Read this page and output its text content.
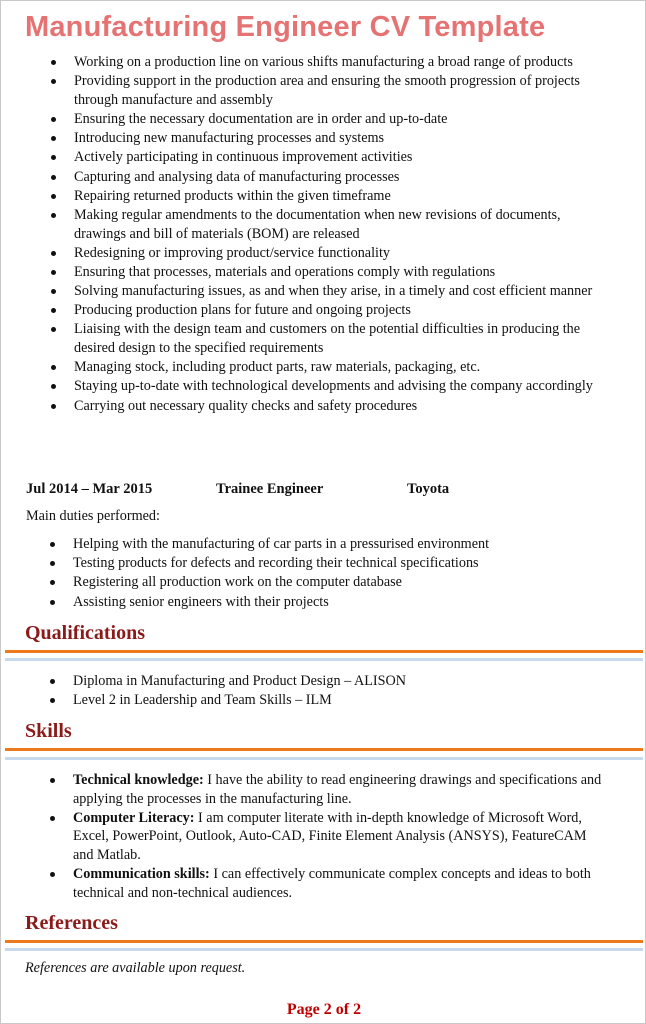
Manufacturing Engineer CV Template
Working on a production line on various shifts manufacturing a broad range of products
Providing support in the production area and ensuring the smooth progression of projects through manufacture and assembly
Ensuring the necessary documentation are in order and up-to-date
Introducing new manufacturing processes and systems
Actively participating in continuous improvement activities
Capturing and analysing data of manufacturing processes
Repairing returned products within the given timeframe
Making regular amendments to the documentation when new revisions of documents, drawings and bill of materials (BOM) are released
Redesigning or improving product/service functionality
Ensuring that processes, materials and operations comply with regulations
Solving manufacturing issues, as and when they arise, in a timely and cost efficient manner
Producing production plans for future and ongoing projects
Liaising with the design team and customers on the potential difficulties in producing the desired design to the specified requirements
Managing stock, including product parts, raw materials, packaging, etc.
Staying up-to-date with technological developments and advising the company accordingly
Carrying out necessary quality checks and safety procedures
Jul 2014 – Mar 2015	Trainee Engineer	Toyota
Main duties performed:
Helping with the manufacturing of car parts in a pressurised environment
Testing products for defects and recording their technical specifications
Registering all production work on the computer database
Assisting senior engineers with their projects
Qualifications
Diploma in Manufacturing and Product Design – ALISON
Level 2 in Leadership and Team Skills – ILM
Skills
Technical knowledge: I have the ability to read engineering drawings and specifications and applying the processes in the manufacturing line.
Computer Literacy: I am computer literate with in-depth knowledge of Microsoft Word, Excel, PowerPoint, Outlook, Auto-CAD, Finite Element Analysis (ANSYS), FeatureCAM and Matlab.
Communication skills: I can effectively communicate complex concepts and ideas to both technical and non-technical audiences.
References
References are available upon request.
Page 2 of 2
